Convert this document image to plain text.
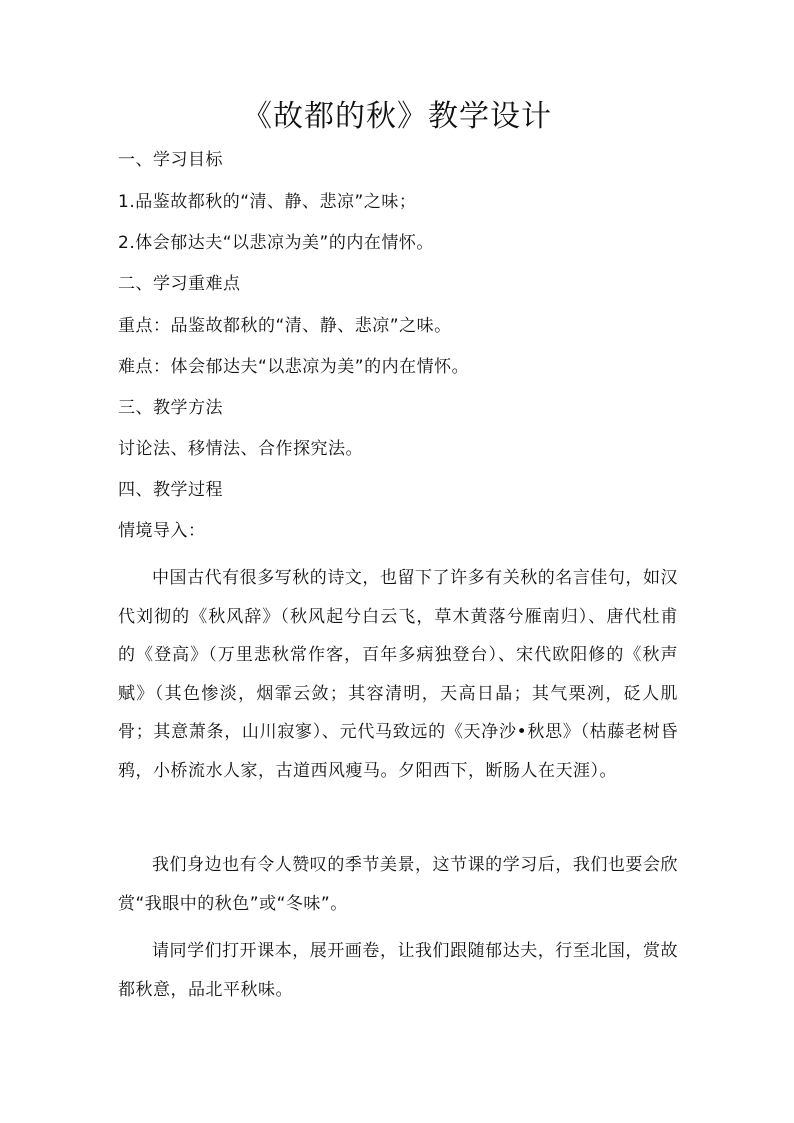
《故都的秋》教学设计
一、学习目标
1.品鉴故都秋的“清、静、悲凉”之味；
2.体会郁达夫“以悲凉为美”的内在情怀。
二、学习重难点
重点：品鉴故都秋的“清、静、悲凉”之味。
难点：体会郁达夫“以悲凉为美”的内在情怀。
三、教学方法
讨论法、移情法、合作探究法。
四、教学过程
情境导入：

中国古代有很多写秋的诗文，也留下了许多有关秋的名言佳句，如汉代刘彻的《秋风辞》（秋风起兮白云飞，草木黄落兮雁南归）、唐代杜甫的《登高》（万里悲秋常作客，百年多病独登台）、宋代欧阳修的《秋声赋》（其色惨淡，烟霏云敛；其容清明，天高日晶；其气栗冽，砭人肌骨；其意萧条，山川寂寥）、元代马致远的《天净沙•秋思》（枯藤老树昏鸦，小桥流水人家，古道西风瘦马。夕阳西下，断肠人在天涯）。

我们身边也有令人赞叹的季节美景，这节课的学习后，我们也要会欣赏“我眼中的秋色”或“冬味”。

请同学们打开课本，展开画卷，让我们跟随郁达夫，行至北国，赏故都秋意，品北平秋味。
